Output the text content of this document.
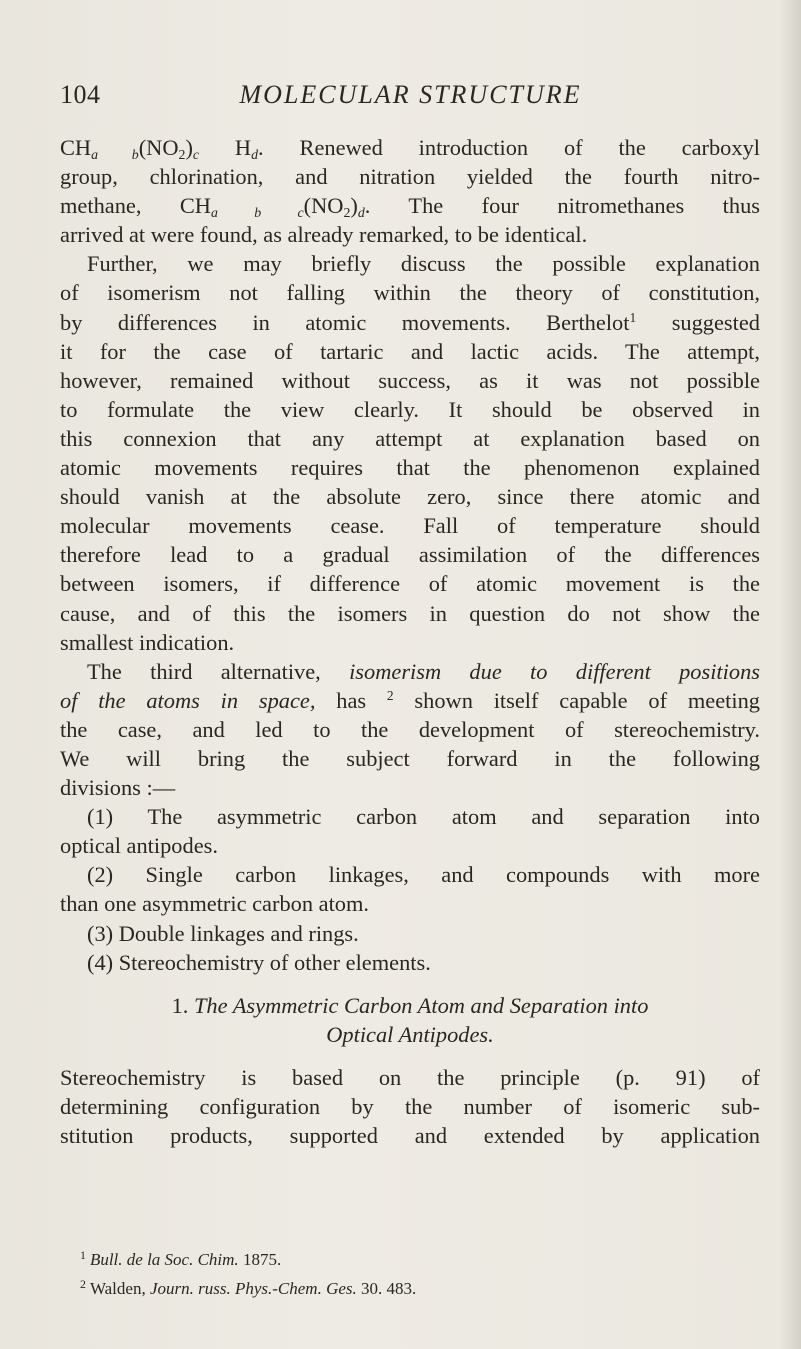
104	MOLECULAR STRUCTURE
$CH_{a b}(NO_2)_c$ $H_d$. Renewed introduction of the carboxyl
group, chlorination, and nitration yielded the fourth nitro-
methane, $CH_{a b c}(NO_2)_d$. The four nitromethanes thus
arrived at were found, as already remarked, to be identical.
Further, we may briefly discuss the possible explanation
of isomerism not falling within the theory of constitution,
by differences in atomic movements. Berthelot$^1$ suggested
it for the case of tartaric and lactic acids. The attempt,
however, remained without success, as it was not possible
to formulate the view clearly. It should be observed in
this connexion that any attempt at explanation based on
atomic movements requires that the phenomenon explained
should vanish at the absolute zero, since there atomic and
molecular movements cease. Fall of temperature should
therefore lead to a gradual assimilation of the differences
between isomers, if difference of atomic movement is the
cause, and of this the isomers in question do not show the
smallest indication.
The third alternative, isomerism due to different positions
of the atoms in space, has $^2$ shown itself capable of meeting
the case, and led to the development of stereochemistry.
We will bring the subject forward in the following
divisions :—
(1) The asymmetric carbon atom and separation into
optical antipodes.
(2) Single carbon linkages, and compounds with more
than one asymmetric carbon atom.
(3) Double linkages and rings.
(4) Stereochemistry of other elements.
1. The Asymmetric Carbon Atom and Separation into
Optical Antipodes.
Stereochemistry is based on the principle (p. 91) of
determining configuration by the number of isomeric sub-
stitution products, supported and extended by application
$^1$ Bull. de la Soc. Chim. 1875.
$^2$ Walden, Journ. russ. Phys.-Chem. Ges. 30. 483.
